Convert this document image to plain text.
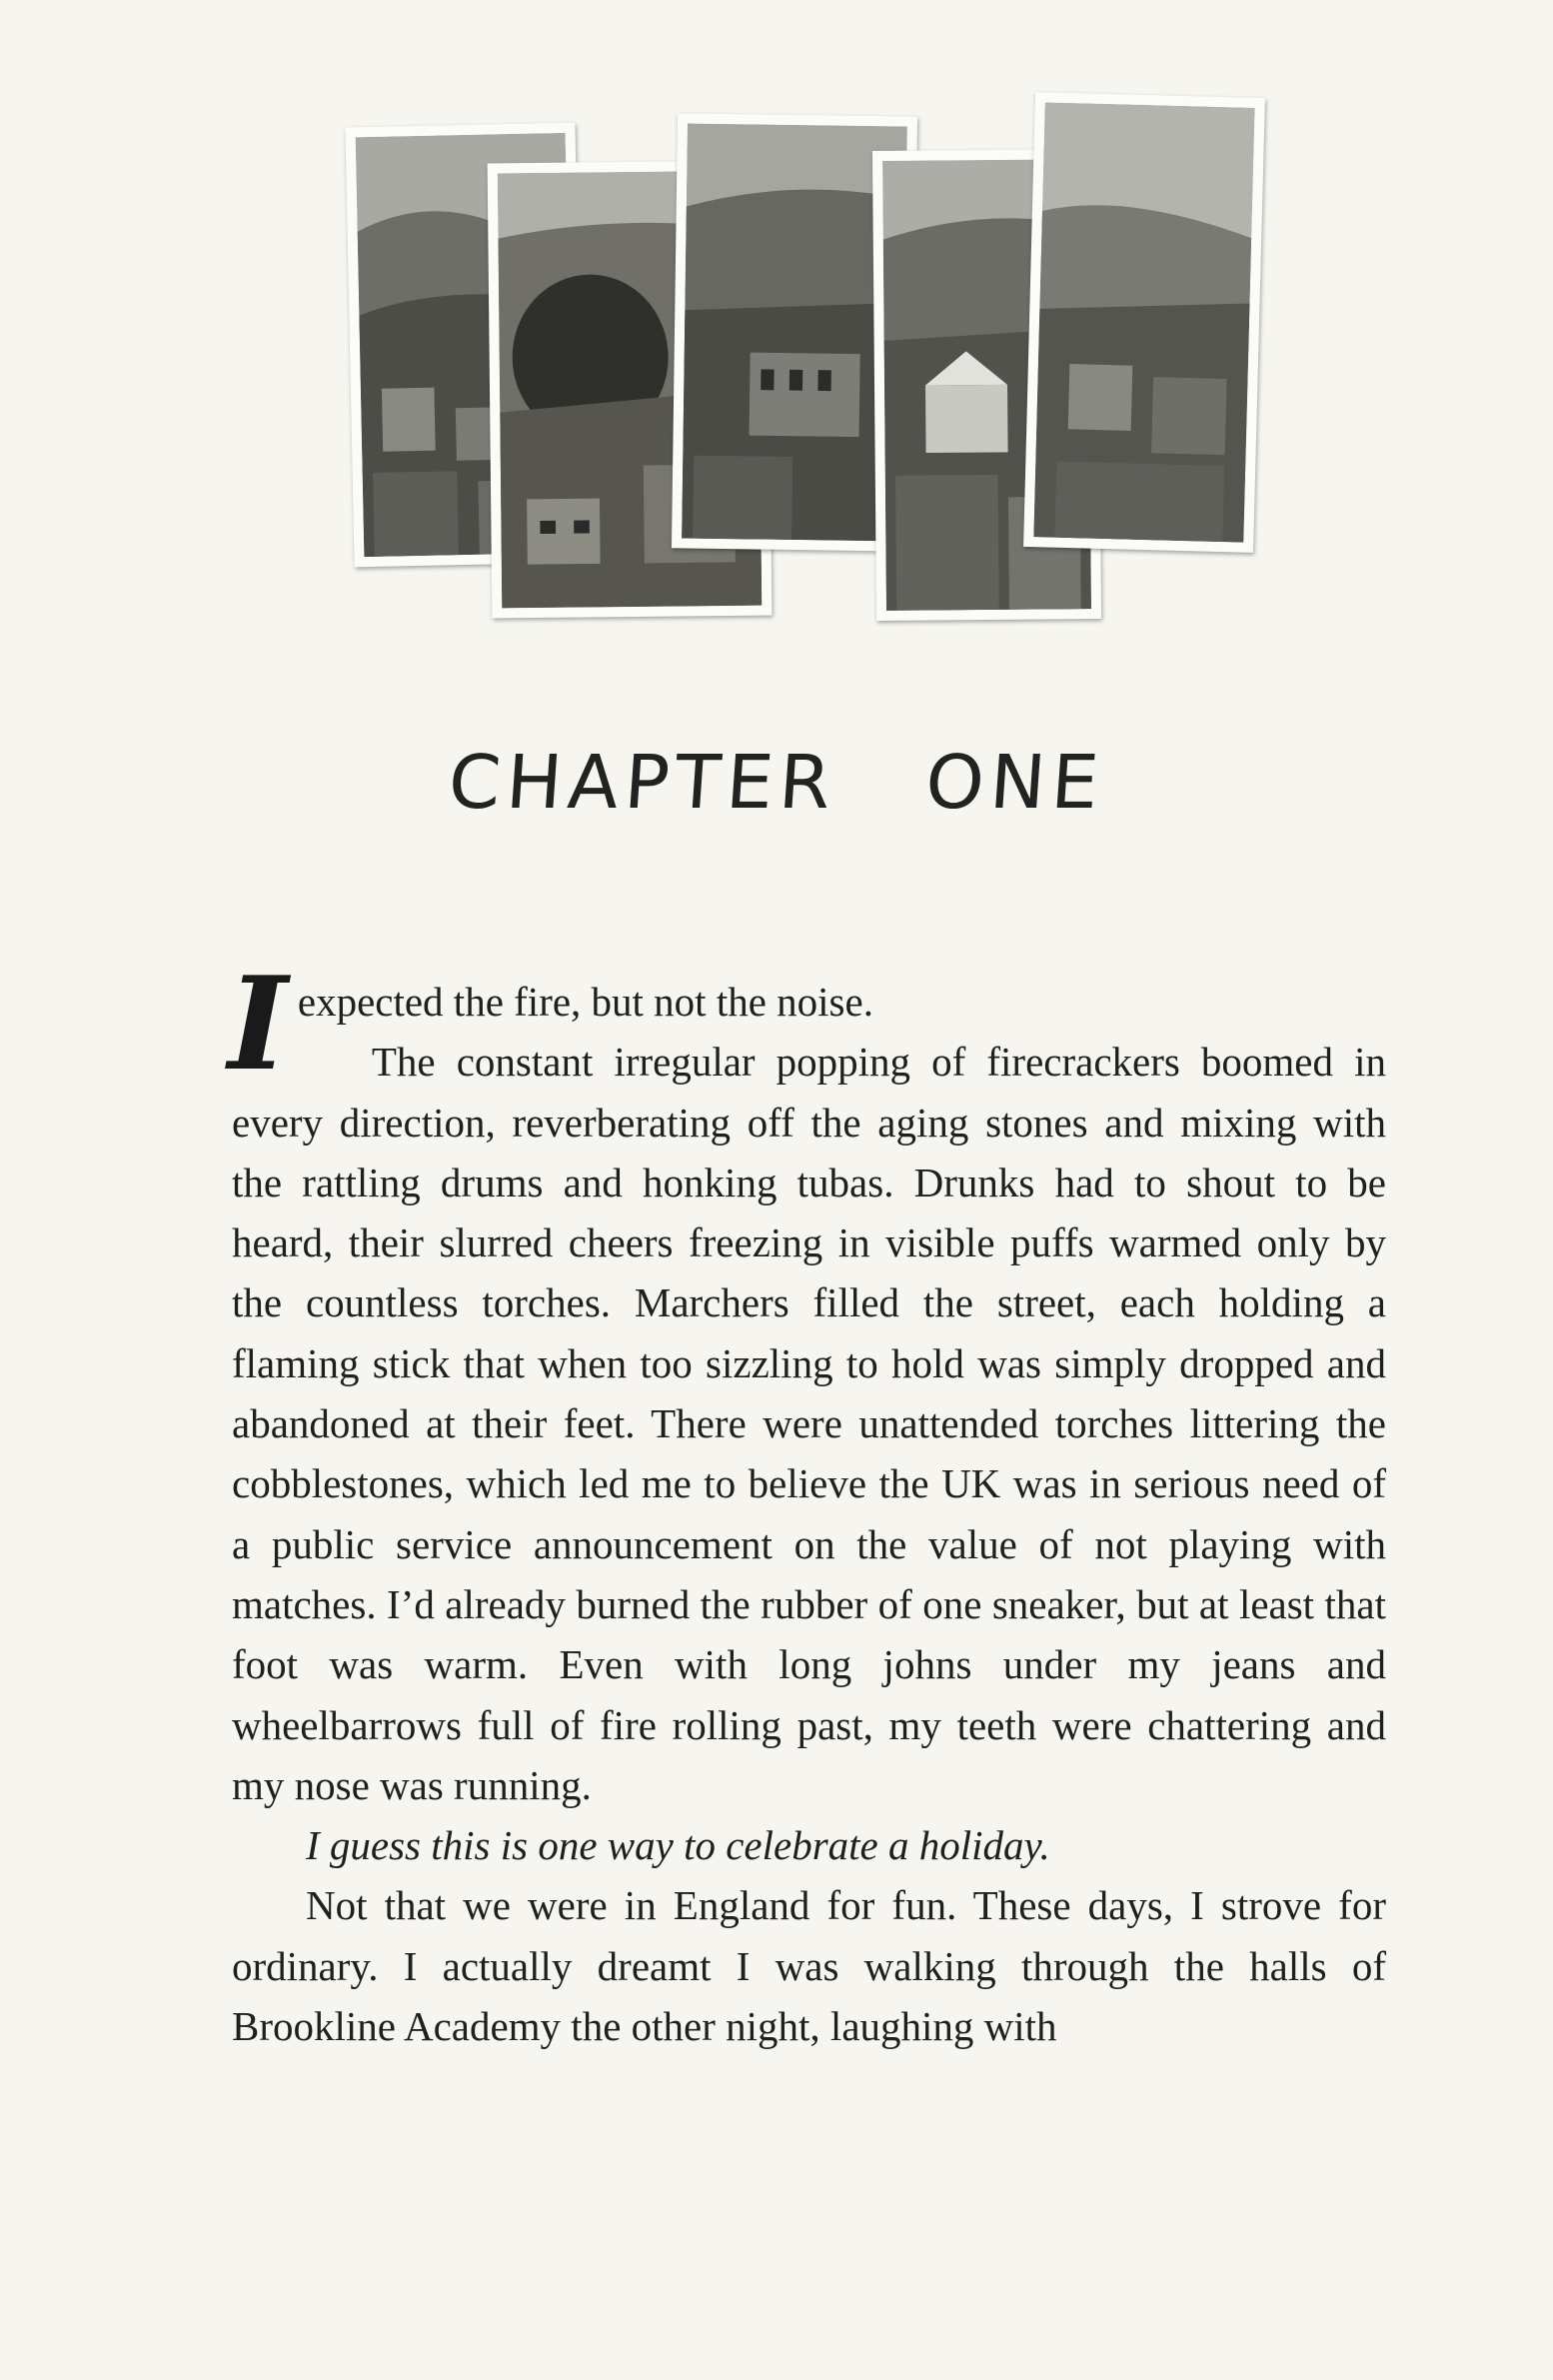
CHAPTER ONE

Iexpected the fire, but not the noise.

The constant irregular popping of firecrackers boomed in every direction, reverberating off the aging stones and mixing with the rattling drums and honking tubas. Drunks had to shout to be heard, their slurred cheers freezing in visible puffs warmed only by the countless torches. Marchers filled the street, each holding a flaming stick that when too sizzling to hold was simply dropped and abandoned at their feet. There were unattended torches littering the cobblestones, which led me to believe the UK was in serious need of a public service announcement on the value of not playing with matches. I’d already burned the rubber of one sneaker, but at least that foot was warm. Even with long johns under my jeans and wheelbarrows full of fire rolling past, my teeth were chattering and my nose was running.

I guess this is one way to celebrate a holiday.

Not that we were in England for fun. These days, I strove for ordinary. I actually dreamt I was walking through the halls of Brookline Academy the other night, laughing with
